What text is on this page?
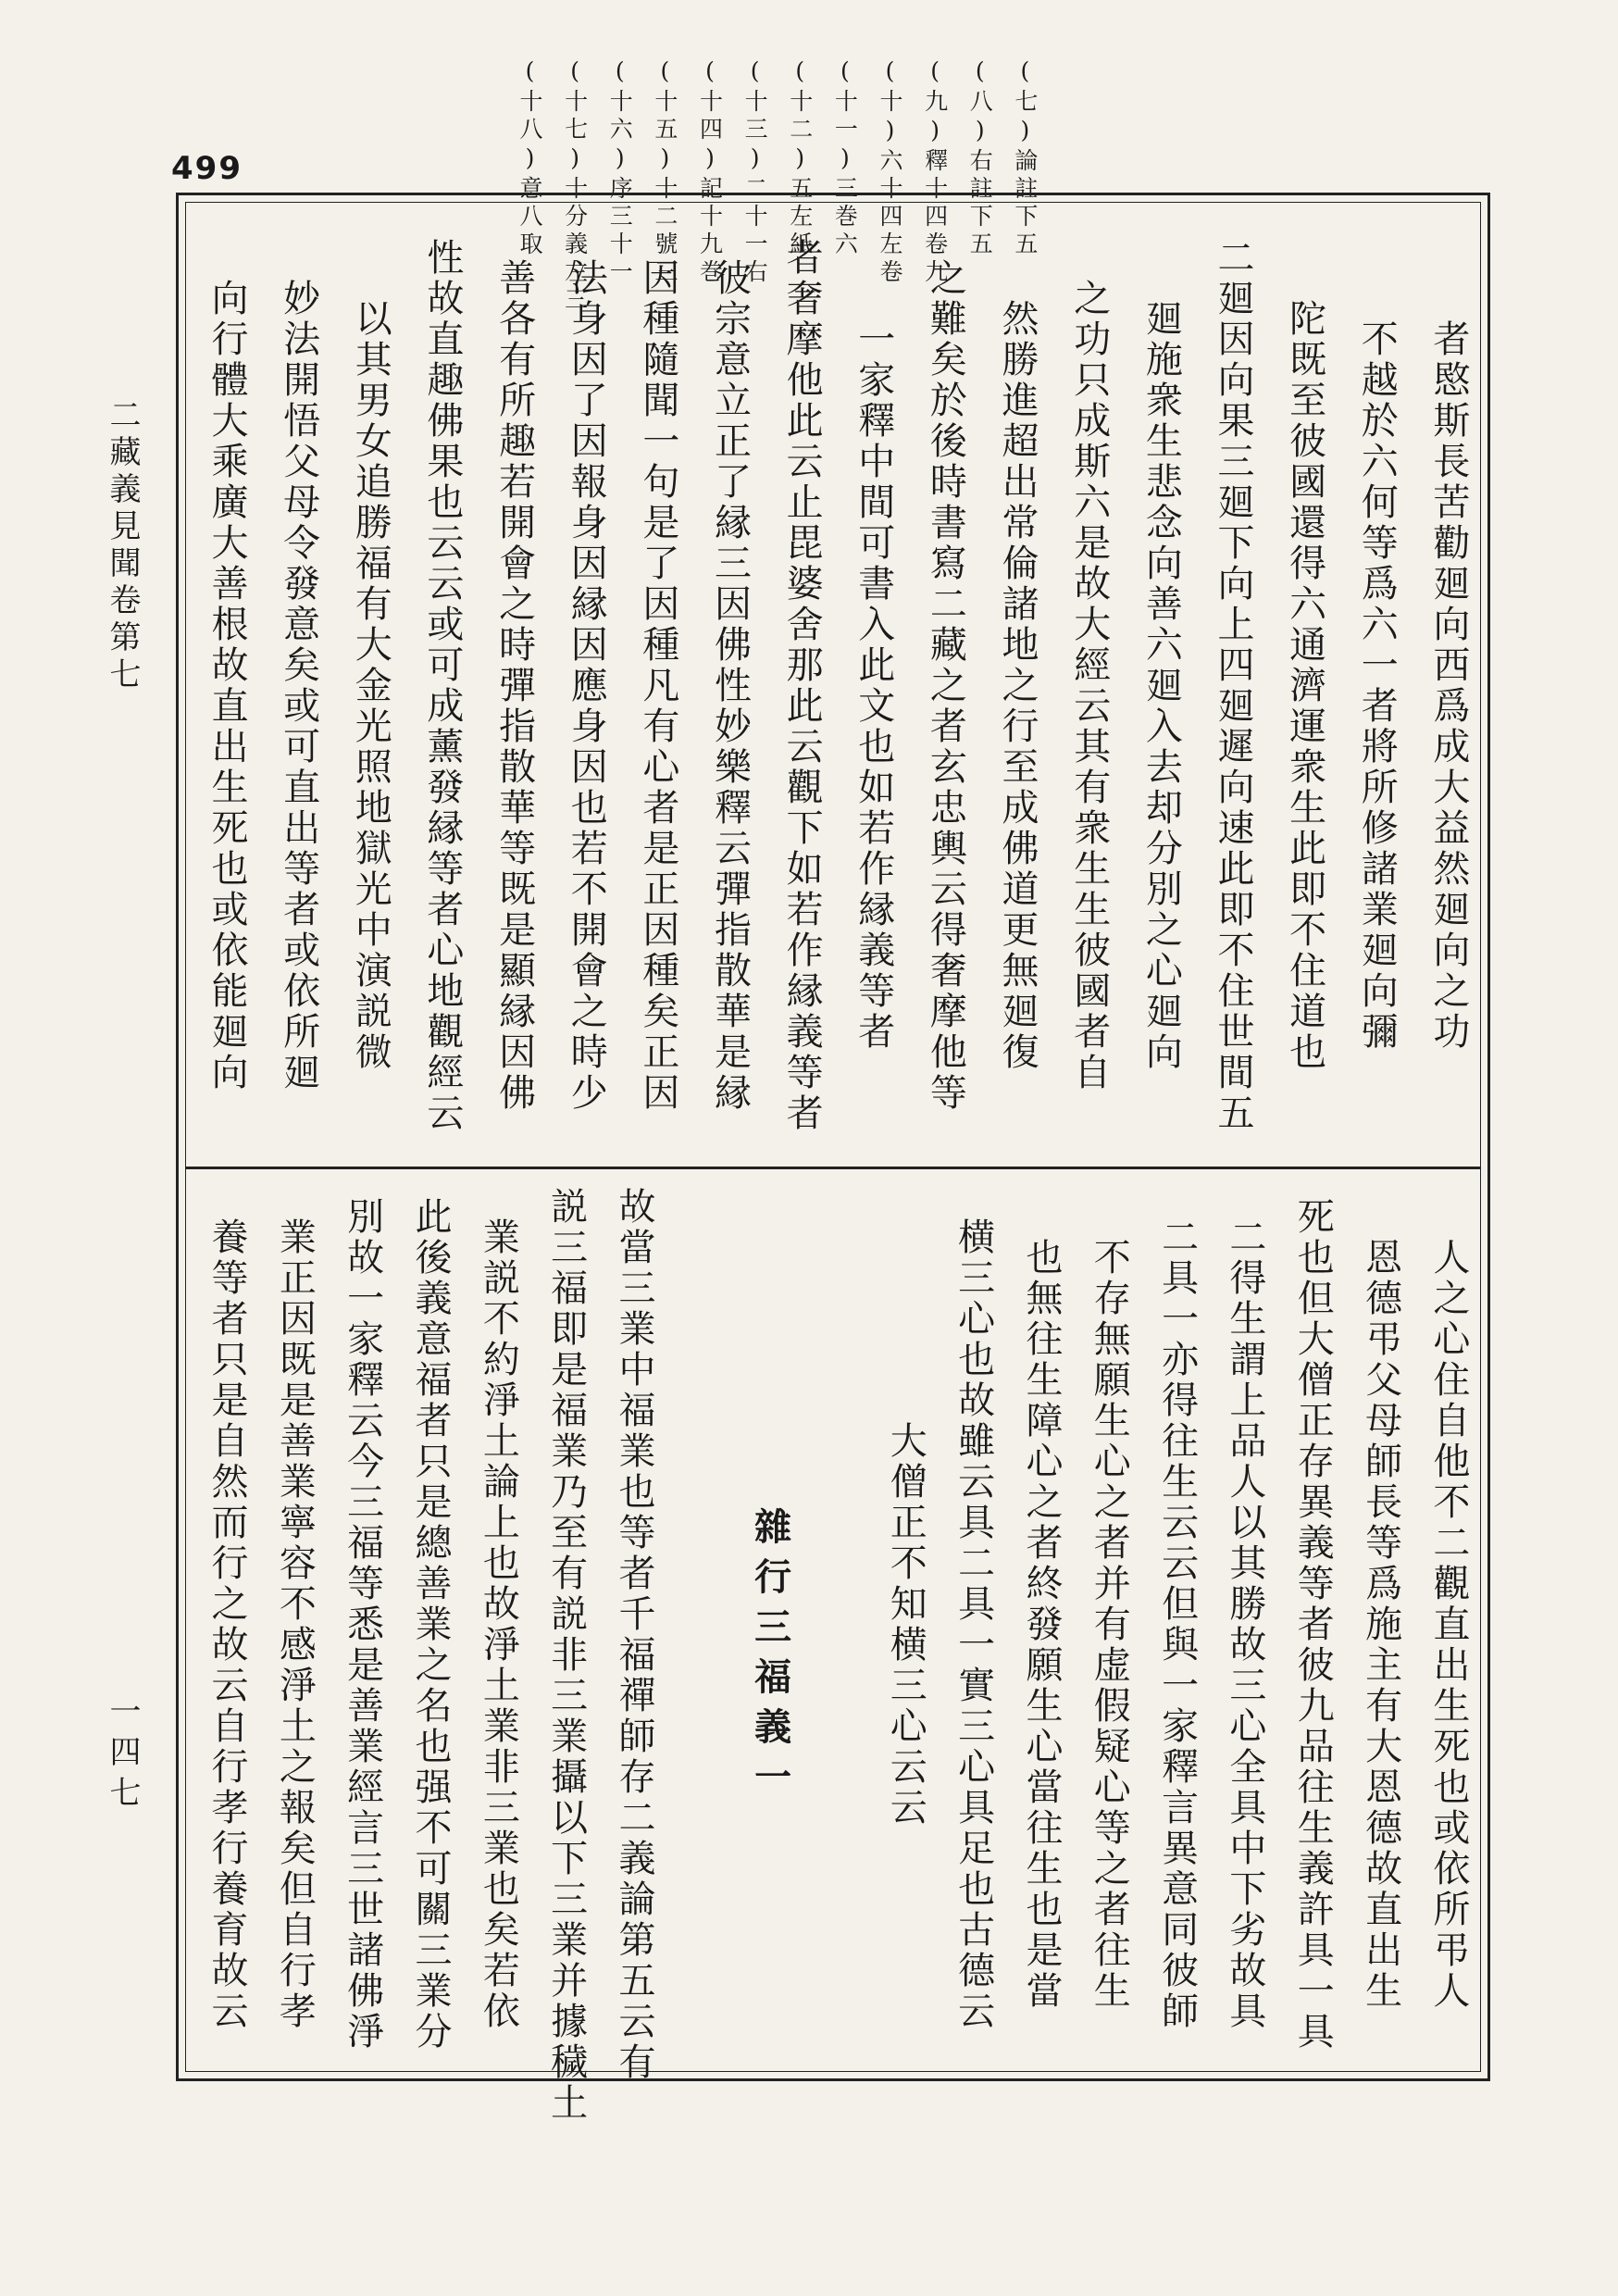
499	(七)論註下五
(八)右註下五
(九)釋十四卷九
(十)六十四左卷
(十一)三巻六
(十二)五左紙
(十三)二十一右
(十四)記十九巻
(十五)十二號三
(十六)序三十一
(十七)十分義左三
(十八)意八取
者愍斯長苦勸廻向西爲成大益然廻向之功
不越於六何等爲六一者將所修諸業廻向彌
陀既至彼國還得六通濟運衆生此即不住道也
二廻因向果三廻下向上四廻遲向速此即不住世間五
廻施衆生悲念向善六廻入去却分別之心廻向
之功只成斯六是故大經云其有衆生生彼國者自
然勝進超出常倫諸地之行至成佛道更無廻復
之難矣於後時書寫二藏之者玄忠輿云得奢摩他等
一家釋中間可書入此文也如若作縁義等者
者奢摩他此云止毘婆舍那此云觀下如若作縁義等者
彼宗意立正了縁三因佛性妙樂釋云彈指散華是縁
因種隨聞一句是了因種凡有心者是正因種矣正因
法身因了因報身因縁因應身因也若不開會之時少
善各有所趣若開會之時彈指散華等既是顯縁因佛
性故直趣佛果也云云或可成薰發縁等者心地觀經云
以其男女追勝福有大金光照地獄光中演説微
妙法開悟父母令發意矣或可直出等者或依所廻
向行體大乘廣大善根故直出生死也或依能廻向
人之心住自他不二觀直出生死也或依所弔人
恩德弔父母師長等爲施主有大恩德故直出生
死也但大僧正存異義等者彼九品往生義許具一具
二得生謂上品人以其勝故三心全具中下劣故具
二具一亦得往生云云但與一家釋言異意同彼師
不存無願生心之者并有虚假疑心等之者往生
也無往生障心之者終發願生心當往生也是當
横三心也故雖云具二具一實三心具足也古德云
大僧正不知横三心云云
雜行三福義一
故當三業中福業也等者千福禪師存二義論第五云有
説三福即是福業乃至有説非三業攝以下三業并據穢土
業説不約淨土論上也故淨土業非三業也矣若依
此後義意福者只是總善業之名也强不可關三業分
別故一家釋云今三福等悉是善業經言三世諸佛淨
業正因既是善業寧容不感淨土之報矣但自行孝
養等者只是自然而行之故云自行孝行養育故云
二藏義見聞卷第七
一四七
